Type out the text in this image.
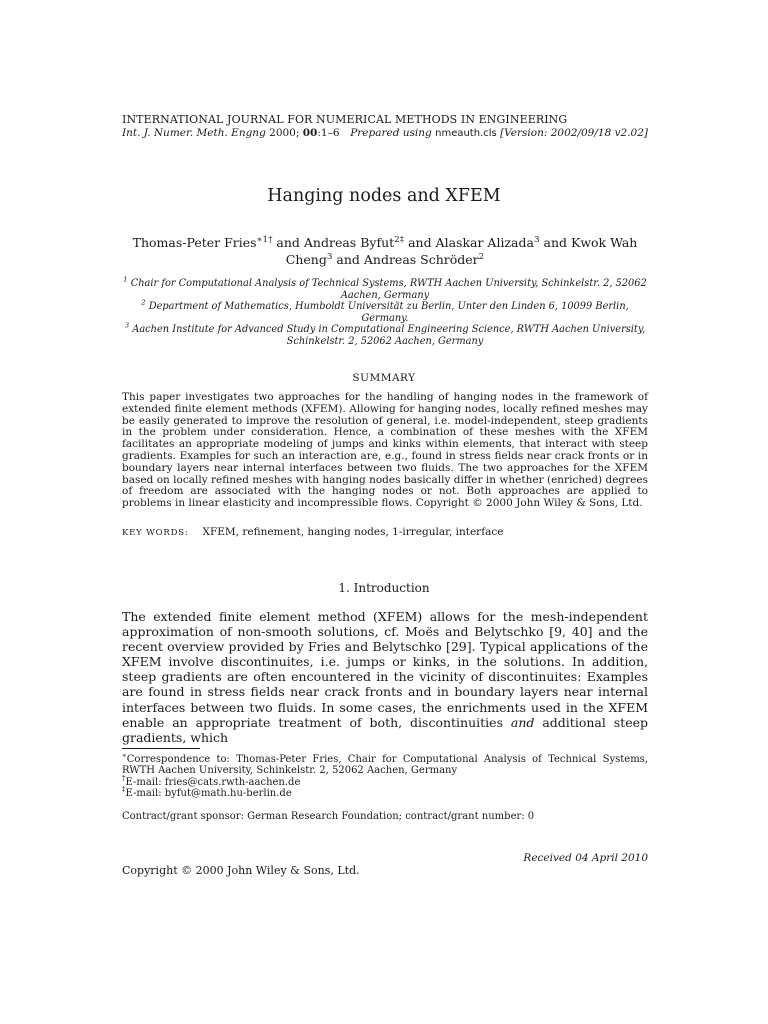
INTERNATIONAL JOURNAL FOR NUMERICAL METHODS IN ENGINEERING
Int. J. Numer. Meth. Engng 2000; 00:1–6 Prepared using nmeauth.cls [Version: 2002/09/18 v2.02]
Hanging nodes and XFEM
Thomas-Peter Fries$^{∗1\dagger}$ and Andreas Byfut$^{2\ddagger}$ and Alaskar Alizada$^3$ and Kwok Wah Cheng$^3$ and Andreas Schröder$^2$

$^1$ Chair for Computational Analysis of Technical Systems, RWTH Aachen University, Schinkelstr. 2, 52062 Aachen, Germany

$^2$ Department of Mathematics, Humboldt Universität zu Berlin, Unter den Linden 6, 10099 Berlin, Germany.

$^3$ Aachen Institute for Advanced Study in Computational Engineering Science, RWTH Aachen University, Schinkelstr. 2, 52062 Aachen, Germany

SUMMARY
This paper investigates two approaches for the handling of hanging nodes in the framework of extended finite element methods (XFEM). Allowing for hanging nodes, locally refined meshes may be easily generated to improve the resolution of general, i.e. model-independent, steep gradients in the problem under consideration. Hence, a combination of these meshes with the XFEM facilitates an appropriate modeling of jumps and kinks within elements, that interact with steep gradients. Examples for such an interaction are, e.g., found in stress fields near crack fronts or in boundary layers near internal interfaces between two fluids. The two approaches for the XFEM based on locally refined meshes with hanging nodes basically differ in whether (enriched) degrees of freedom are associated with the hanging nodes or not. Both approaches are applied to problems in linear elasticity and incompressible flows. Copyright © 2000 John Wiley & Sons, Ltd.
KEY WORDS: XFEM, refinement, hanging nodes, 1-irregular, interface
1. Introduction
The extended finite element method (XFEM) allows for the mesh-independent approximation of non-smooth solutions, cf. Moës and Belytschko [9, 40] and the recent overview provided by Fries and Belytschko [29]. Typical applications of the XFEM involve discontinuites, i.e. jumps or kinks, in the solutions. In addition, steep gradients are often encountered in the vicinity of discontinuites: Examples are found in stress fields near crack fronts and in boundary layers near internal interfaces between two fluids. In some cases, the enrichments used in the XFEM enable an appropriate treatment of both, discontinuities and additional steep gradients, which

∗Correspondence to: Thomas-Peter Fries, Chair for Computational Analysis of Technical Systems, RWTH Aachen University, Schinkelstr. 2, 52062 Aachen, Germany

†E-mail: fries@cats.rwth-aachen.de

‡E-mail: byfut@math.hu-berlin.de

Contract/grant sponsor: German Research Foundation; contract/grant number: 0
Received 04 April 2010
Copyright © 2000 John Wiley & Sons, Ltd.
